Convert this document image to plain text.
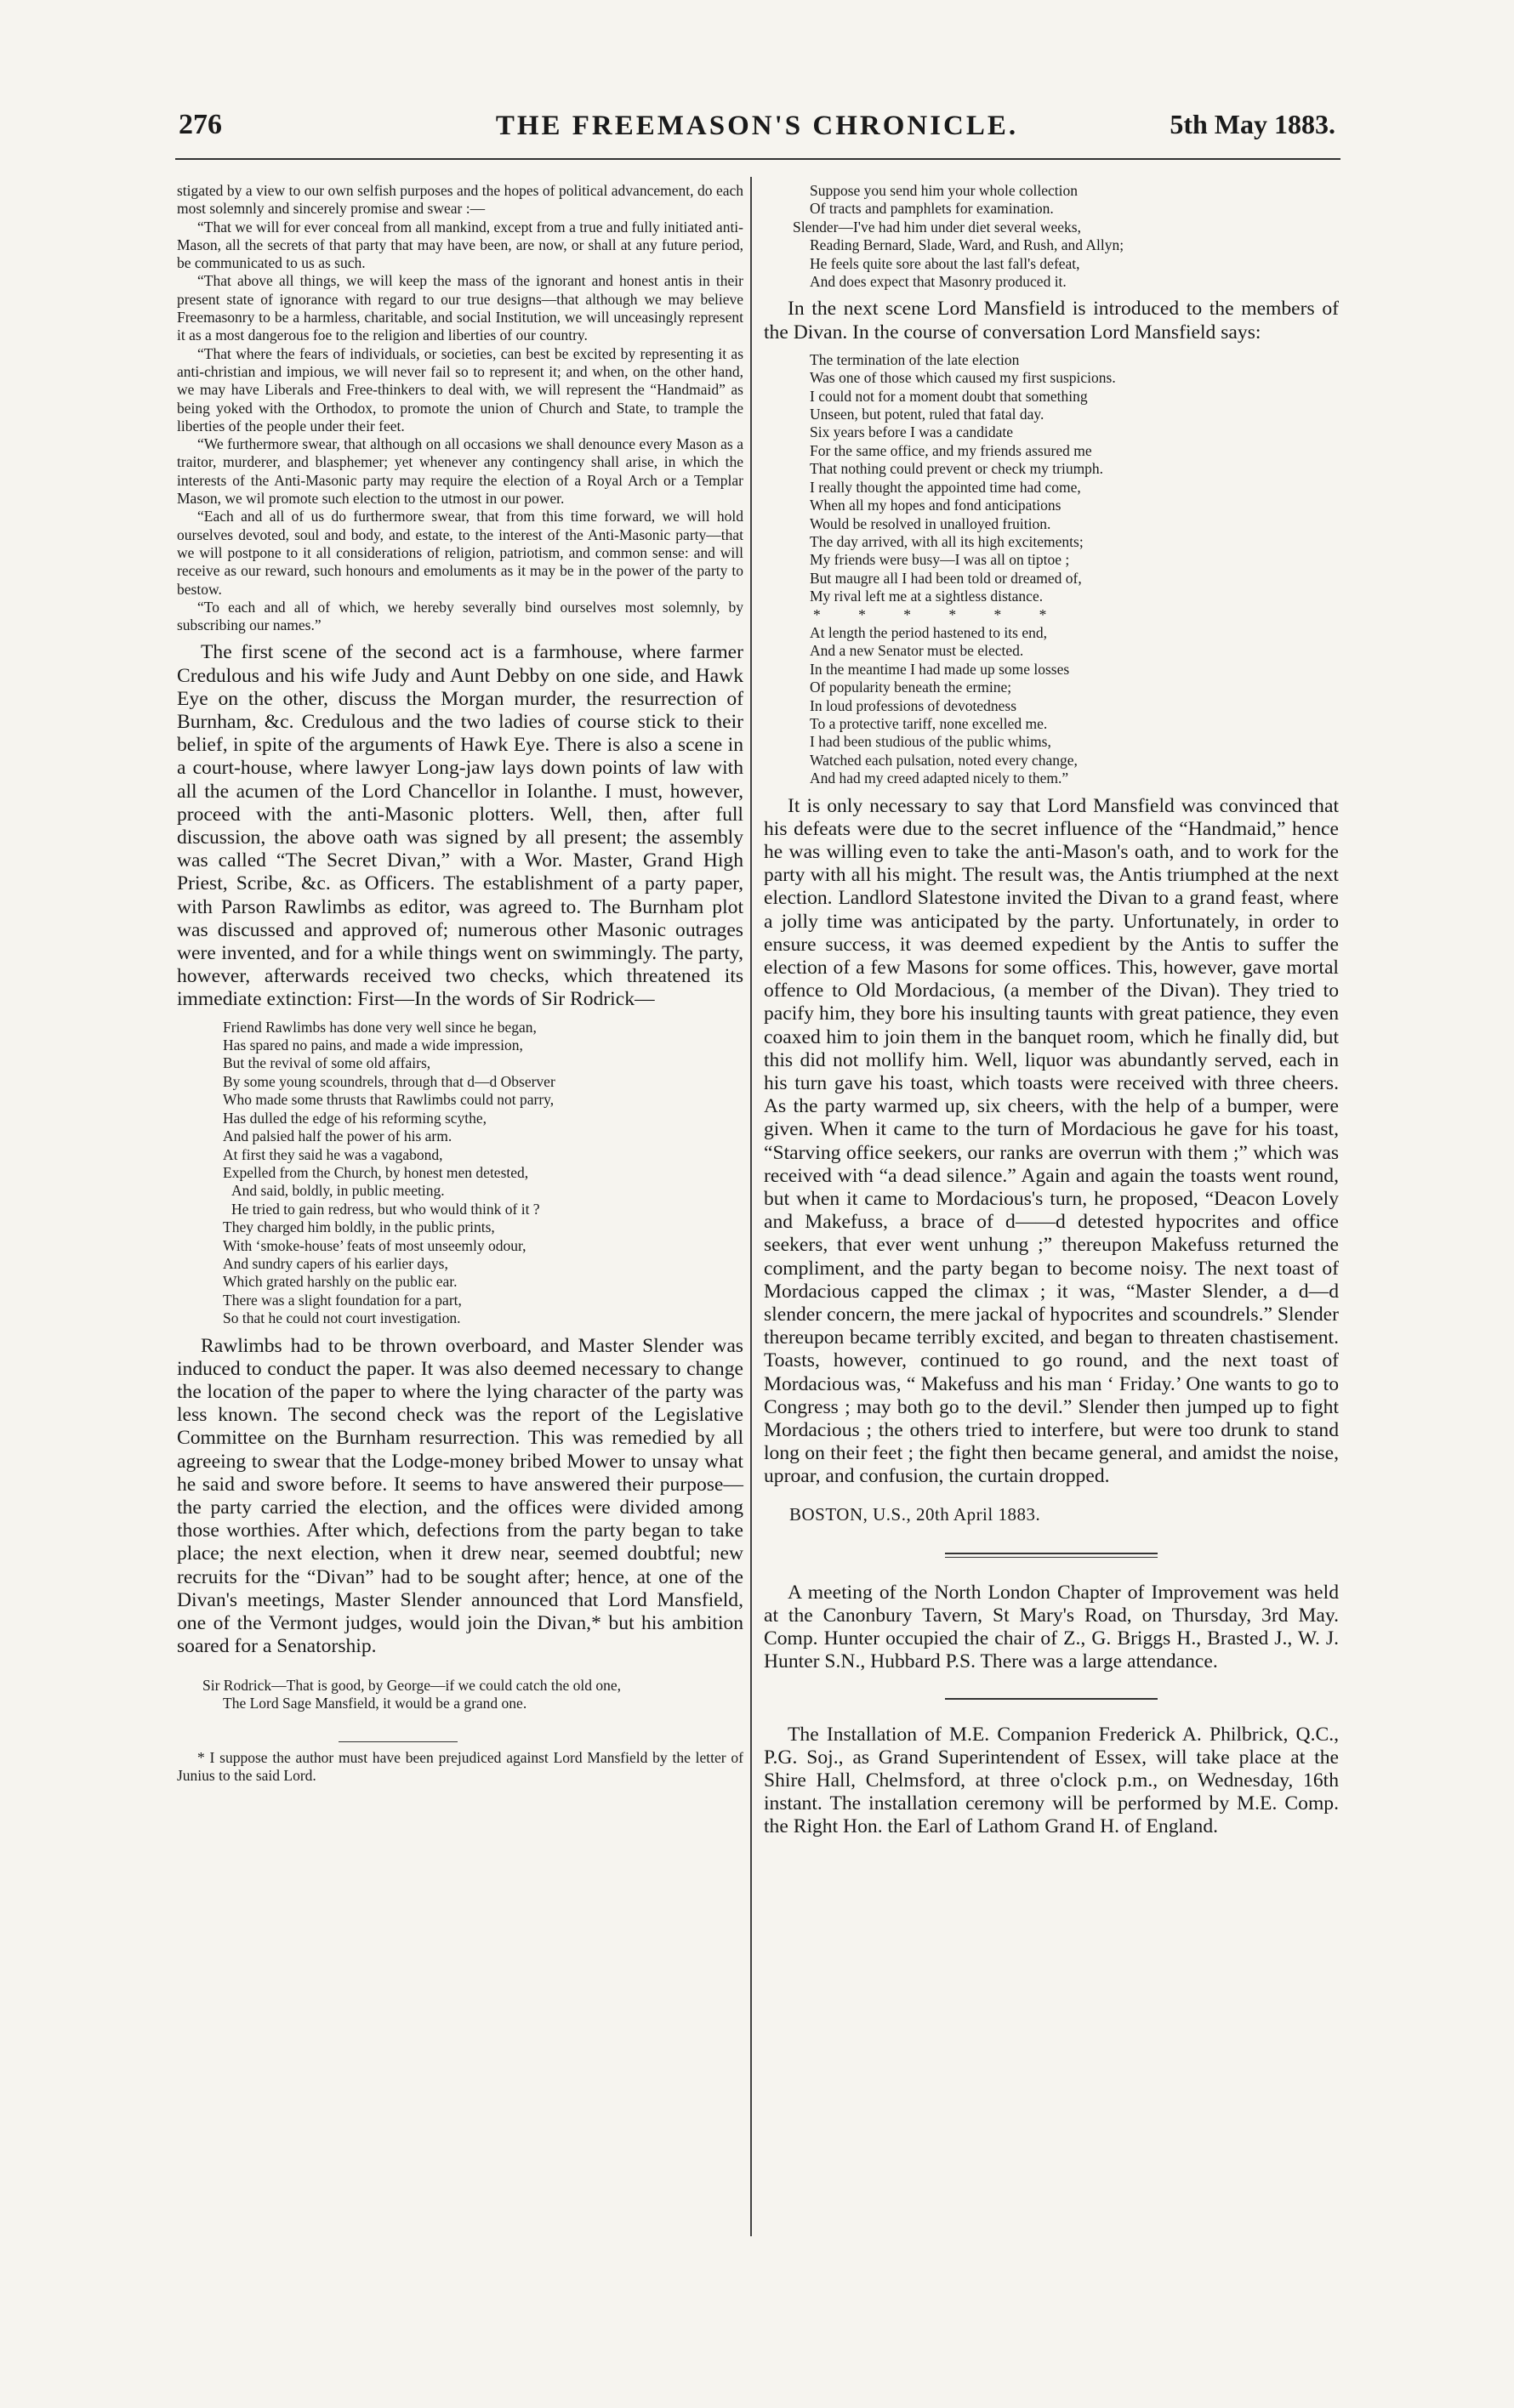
276	THE FREEMASON'S CHRONICLE.	5th May 1883.

stigated by a view to our own selfish purposes and the hopes of political advancement, do each most solemnly and sincerely promise and swear :—

“That we will for ever conceal from all mankind, except from a true and fully initiated anti-Mason, all the secrets of that party that may have been, are now, or shall at any future period, be communicated to us as such.

“That above all things, we will keep the mass of the ignorant and honest antis in their present state of ignorance with regard to our true designs—that although we may believe Freemasonry to be a harmless, charitable, and social Institution, we will unceasingly represent it as a most dangerous foe to the religion and liberties of our country.

“That where the fears of individuals, or societies, can best be excited by representing it as anti-christian and impious, we will never fail so to represent it; and when, on the other hand, we may have Liberals and Free-thinkers to deal with, we will represent the “Handmaid” as being yoked with the Orthodox, to promote the union of Church and State, to trample the liberties of the people under their feet.

“We furthermore swear, that although on all occasions we shall denounce every Mason as a traitor, murderer, and blasphemer; yet whenever any contingency shall arise, in which the interests of the Anti-Masonic party may require the election of a Royal Arch or a Templar Mason, we wil promote such election to the utmost in our power.

“Each and all of us do furthermore swear, that from this time forward, we will hold ourselves devoted, soul and body, and estate, to the interest of the Anti-Masonic party—that we will postpone to it all considerations of religion, patriotism, and common sense: and will receive as our reward, such honours and emoluments as it may be in the power of the party to bestow.

“To each and all of which, we hereby severally bind ourselves most solemnly, by subscribing our names.”

The first scene of the second act is a farmhouse, where farmer Credulous and his wife Judy and Aunt Debby on one side, and Hawk Eye on the other, discuss the Morgan murder, the resurrection of Burnham, &c. Credulous and the two ladies of course stick to their belief, in spite of the arguments of Hawk Eye. There is also a scene in a court-house, where lawyer Long-jaw lays down points of law with all the acumen of the Lord Chancellor in Iolanthe. I must, however, proceed with the anti-Masonic plotters. Well, then, after full discussion, the above oath was signed by all present; the assembly was called “The Secret Divan,” with a Wor. Master, Grand High Priest, Scribe, &c. as Officers. The establishment of a party paper, with Parson Rawlimbs as editor, was agreed to. The Burnham plot was discussed and approved of; numerous other Masonic outrages were invented, and for a while things went on swimmingly. The party, however, afterwards received two checks, which threatened its immediate extinction: First—In the words of Sir Rodrick—

Friend Rawlimbs has done very well since he began,
Has spared no pains, and made a wide impression,
But the revival of some old affairs,
By some young scoundrels, through that d—d Observer
Who made some thrusts that Rawlimbs could not parry,
Has dulled the edge of his reforming scythe,
And palsied half the power of his arm.
At first they said he was a vagabond,
Expelled from the Church, by honest men detested,
And said, boldly, in public meeting.
He tried to gain redress, but who would think of it ?
They charged him boldly, in the public prints,
With ‘smoke-house’ feats of most unseemly odour,
And sundry capers of his earlier days,
Which grated harshly on the public ear.
There was a slight foundation for a part,
So that he could not court investigation.

Rawlimbs had to be thrown overboard, and Master Slender was induced to conduct the paper. It was also deemed necessary to change the location of the paper to where the lying character of the party was less known. The second check was the report of the Legislative Committee on the Burnham resurrection. This was remedied by all agreeing to swear that the Lodge-money bribed Mower to unsay what he said and swore before. It seems to have answered their purpose—the party carried the election, and the offices were divided among those worthies. After which, defections from the party began to take place; the next election, when it drew near, seemed doubtful; new recruits for the “Divan” had to be sought after; hence, at one of the Divan's meetings, Master Slender announced that Lord Mansfield, one of the Vermont judges, would join the Divan,* but his ambition soared for a Senatorship.

Sir Rodrick—That is good, by George—if we could catch the old one,
The Lord Sage Mansfield, it would be a grand one.

* I suppose the author must have been prejudiced against Lord Mansfield by the letter of Junius to the said Lord.

Suppose you send him your whole collection
Of tracts and pamphlets for examination.
Slender—I've had him under diet several weeks,
Reading Bernard, Slade, Ward, and Rush, and Allyn;
He feels quite sore about the last fall's defeat,
And does expect that Masonry produced it.

In the next scene Lord Mansfield is introduced to the members of the Divan. In the course of conversation Lord Mansfield says:

The termination of the late election
Was one of those which caused my first suspicions.
I could not for a moment doubt that something
Unseen, but potent, ruled that fatal day.
Six years before I was a candidate
For the same office, and my friends assured me
That nothing could prevent or check my triumph.
I really thought the appointed time had come,
When all my hopes and fond anticipations
Would be resolved in unalloyed fruition.
The day arrived, with all its high excitements;
My friends were busy—I was all on tiptoe ;
But maugre all I had been told or dreamed of,
My rival left me at a sightless distance.
* * * * * *
At length the period hastened to its end,
And a new Senator must be elected.
In the meantime I had made up some losses
Of popularity beneath the ermine;
In loud professions of devotedness
To a protective tariff, none excelled me.
I had been studious of the public whims,
Watched each pulsation, noted every change,
And had my creed adapted nicely to them.”

It is only necessary to say that Lord Mansfield was convinced that his defeats were due to the secret influence of the “Handmaid,” hence he was willing even to take the anti-Mason's oath, and to work for the party with all his might. The result was, the Antis triumphed at the next election. Landlord Slatestone invited the Divan to a grand feast, where a jolly time was anticipated by the party. Unfortunately, in order to ensure success, it was deemed expedient by the Antis to suffer the election of a few Masons for some offices. This, however, gave mortal offence to Old Mordacious, (a member of the Divan). They tried to pacify him, they bore his insulting taunts with great patience, they even coaxed him to join them in the banquet room, which he finally did, but this did not mollify him. Well, liquor was abundantly served, each in his turn gave his toast, which toasts were received with three cheers. As the party warmed up, six cheers, with the help of a bumper, were given. When it came to the turn of Mordacious he gave for his toast, “Starving office seekers, our ranks are overrun with them ;” which was received with “a dead silence.” Again and again the toasts went round, but when it came to Mordacious's turn, he proposed, “Deacon Lovely and Makefuss, a brace of d——d detested hypocrites and office seekers, that ever went unhung ;” thereupon Makefuss returned the compliment, and the party began to become noisy. The next toast of Mordacious capped the climax ; it was, “Master Slender, a d—d slender concern, the mere jackal of hypocrites and scoundrels.” Slender thereupon became terribly excited, and began to threaten chastisement. Toasts, however, continued to go round, and the next toast of Mordacious was, “ Makefuss and his man ‘ Friday.’ One wants to go to Congress ; may both go to the devil.” Slender then jumped up to fight Mordacious ; the others tried to interfere, but were too drunk to stand long on their feet ; the fight then became general, and amidst the noise, uproar, and confusion, the curtain dropped.

BOSTON, U.S., 20th April 1883.

A meeting of the North London Chapter of Improvement was held at the Canonbury Tavern, St Mary's Road, on Thursday, 3rd May. Comp. Hunter occupied the chair of Z., G. Briggs H., Brasted J., W. J. Hunter S.N., Hubbard P.S. There was a large attendance.

The Installation of M.E. Companion Frederick A. Philbrick, Q.C., P.G. Soj., as Grand Superintendent of Essex, will take place at the Shire Hall, Chelmsford, at three o'clock p.m., on Wednesday, 16th instant. The installation ceremony will be performed by M.E. Comp. the Right Hon. the Earl of Lathom Grand H. of England.
